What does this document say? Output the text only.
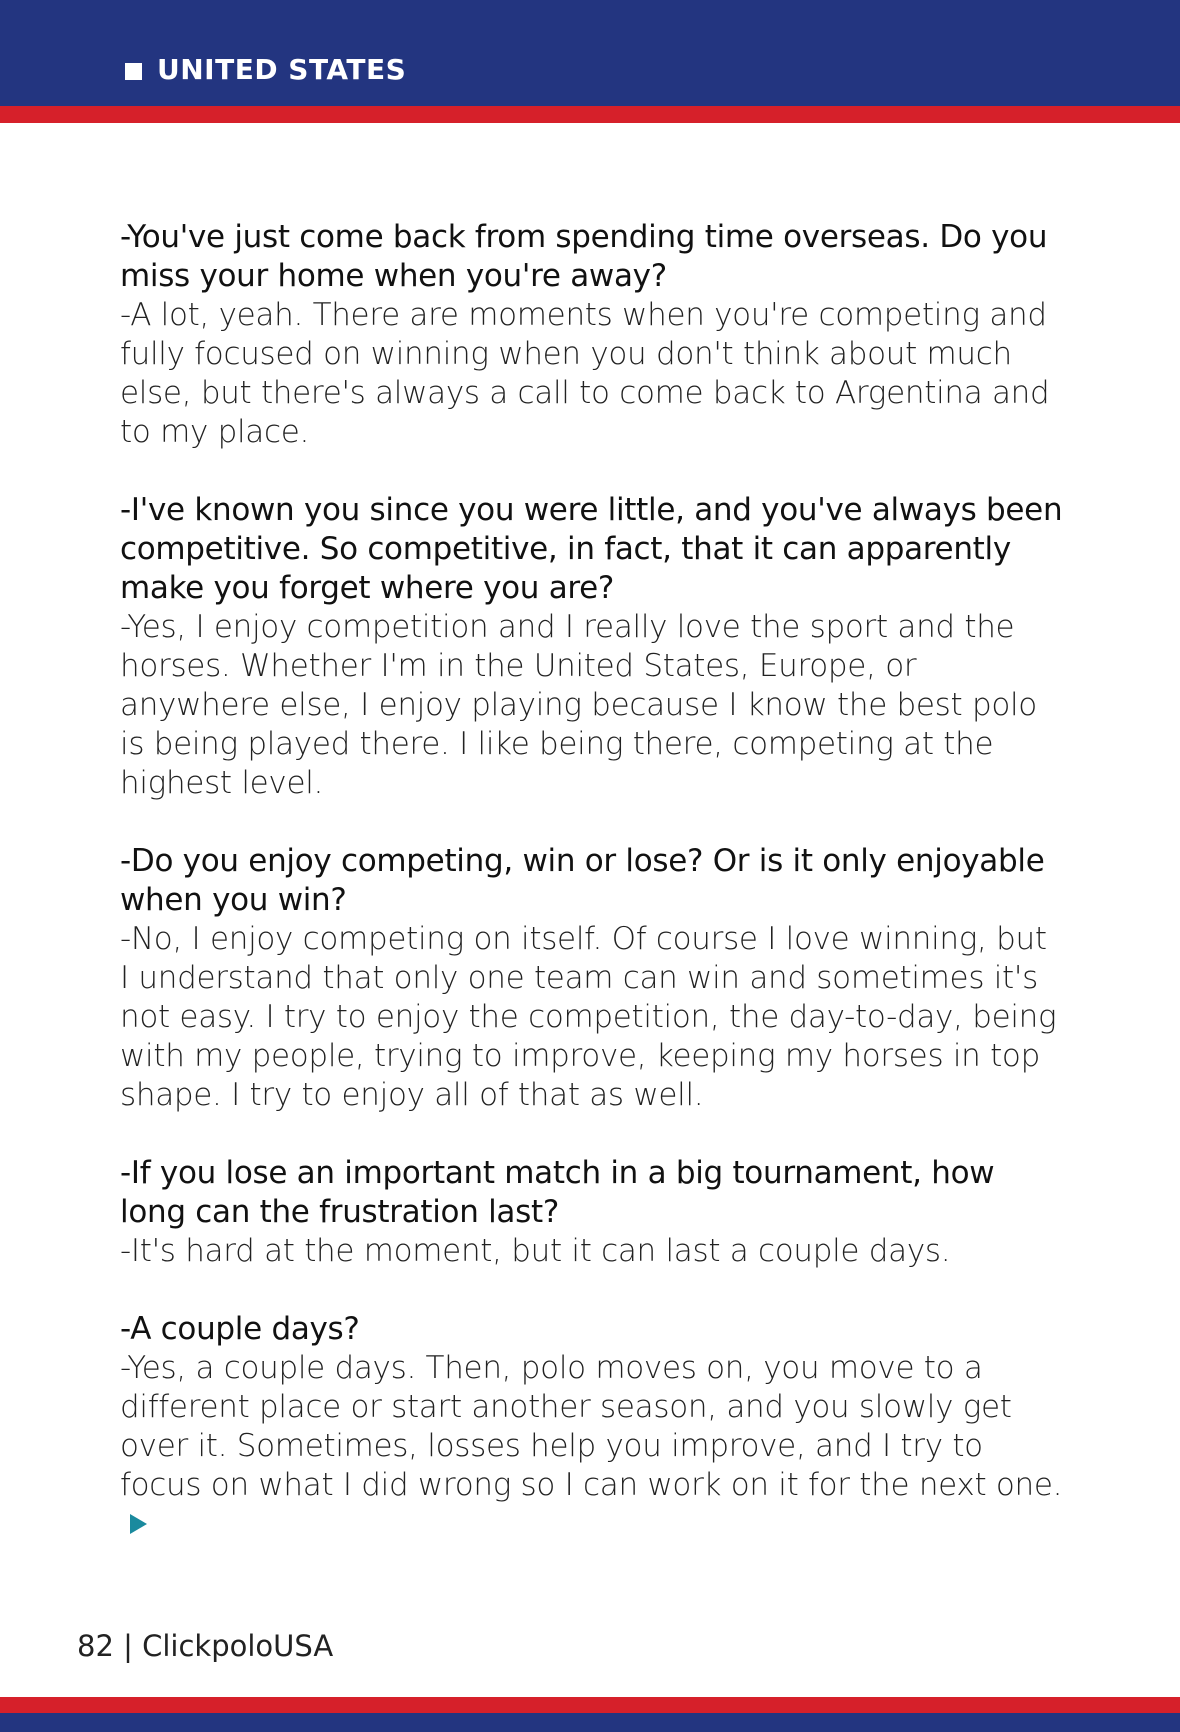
UNITED STATES

-You've just come back from spending time overseas. Do you miss your home when you're away?

-A lot, yeah. There are moments when you're competing and fully focused on winning when you don't think about much else, but there's always a call to come back to Argentina and to my place.

-I've known you since you were little, and you've always been competitive. So competitive, in fact, that it can apparently make you forget where you are?

-Yes, I enjoy competition and I really love the sport and the horses. Whether I'm in the United States, Europe, or anywhere else, I enjoy playing because I know the best polo is being played there. I like being there, competing at the highest level.

-Do you enjoy competing, win or lose? Or is it only enjoyable when you win?

-No, I enjoy competing on itself. Of course I love winning, but I understand that only one team can win and sometimes it's not easy. I try to enjoy the competition, the day-to-day, being with my people, trying to improve, keeping my horses in top shape. I try to enjoy all of that as well.

-If you lose an important match in a big tournament, how long can the frustration last?

-It's hard at the moment, but it can last a couple days.

-A couple days?

-Yes, a couple days. Then, polo moves on, you move to a different place or start another season, and you slowly get over it. Sometimes, losses help you improve, and I try to focus on what I did wrong so I can work on it for the next one.

82 | ClickpoloUSA
